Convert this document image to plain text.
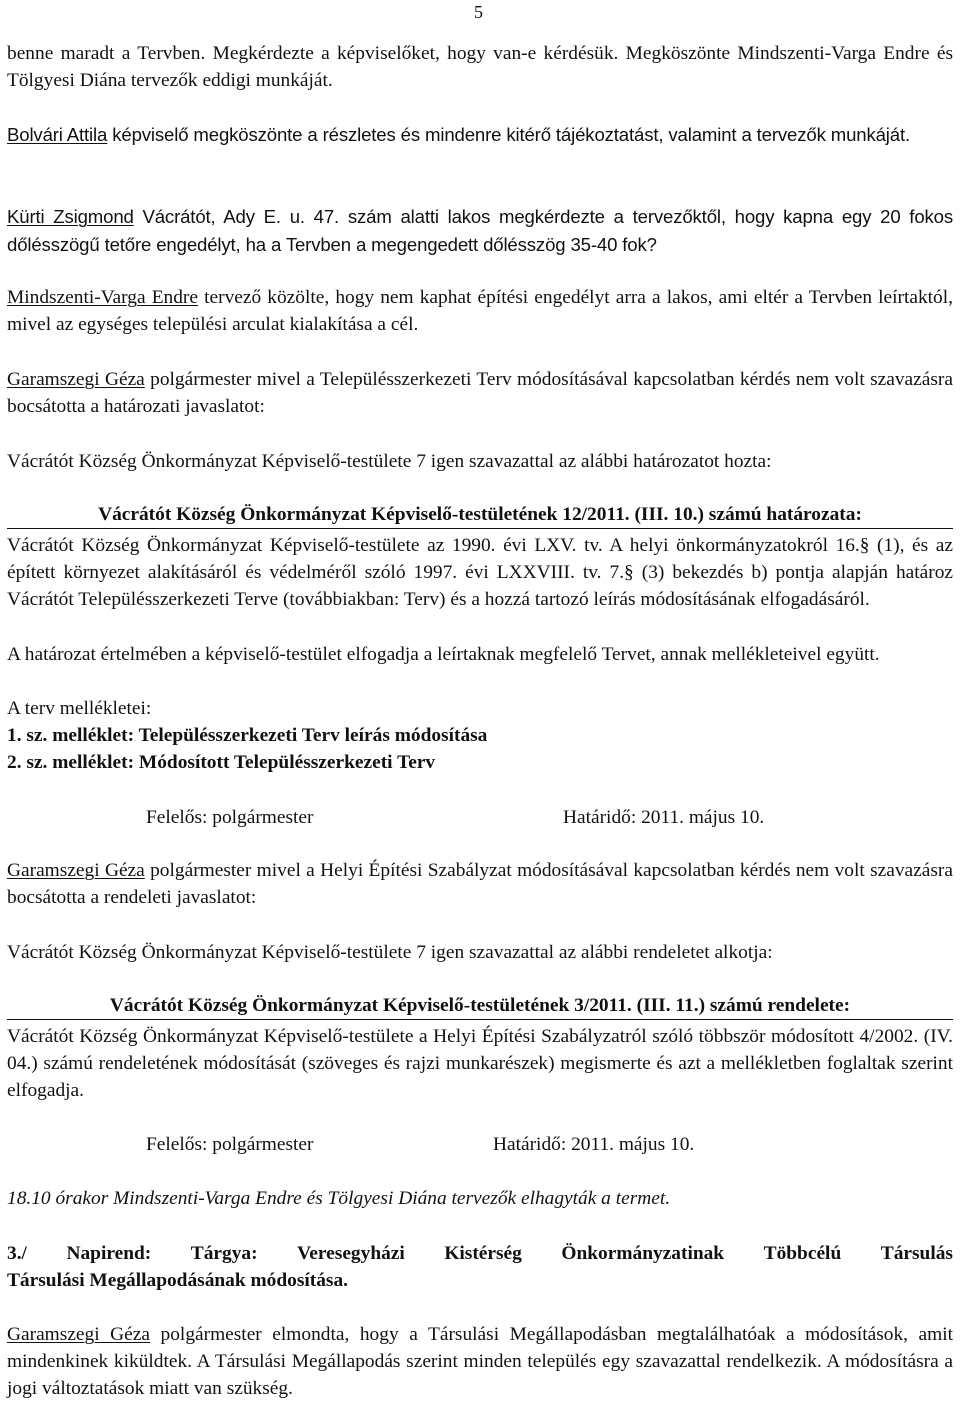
5

benne maradt a Tervben. Megkérdezte a képviselőket, hogy van-e kérdésük. Megköszönte Mindszenti-Varga Endre és Tölgyesi Diána tervezők eddigi munkáját.

Bolvári Attila képviselő megköszönte a részletes és mindenre kitérő tájékoztatást, valamint a tervezők munkáját.

Kürti Zsigmond Vácrátót, Ady E. u. 47. szám alatti lakos megkérdezte a tervezőktől, hogy kapna egy 20 fokos dőlésszögű tetőre engedélyt, ha a Tervben a megengedett dőlésszög 35-40 fok?

Mindszenti-Varga Endre tervező közölte, hogy nem kaphat építési engedélyt arra a lakos, ami eltér a Tervben leírtaktól, mivel az egységes települési arculat kialakítása a cél.

Garamszegi Géza polgármester mivel a Településszerkezeti Terv módosításával kapcsolatban kérdés nem volt szavazásra bocsátotta a határozati javaslatot:

Vácrátót Község Önkormányzat Képviselő-testülete 7 igen szavazattal az alábbi határozatot hozta:

Vácrátót Község Önkormányzat Képviselő-testületének 12/2011. (III. 10.) számú határozata:

Vácrátót Község Önkormányzat Képviselő-testülete az 1990. évi LXV. tv. A helyi önkormányzatokról 16.§ (1), és az épített környezet alakításáról és védelméről szóló 1997. évi LXXVIII. tv. 7.§ (3) bekezdés b) pontja alapján határoz Vácrátót Településszerkezeti Terve (továbbiakban: Terv) és a hozzá tartozó leírás módosításának elfogadásáról.

A határozat értelmében a képviselő-testület elfogadja a leírtaknak megfelelő Tervet, annak mellékleteivel együtt.

A terv mellékletei:

1. sz. melléklet: Településszerkezeti Terv leírás módosítása

2. sz. melléklet: Módosított Településszerkezeti Terv

Felelős: polgármester	Határidő: 2011. május 10.

Garamszegi Géza polgármester mivel a Helyi Építési Szabályzat módosításával kapcsolatban kérdés nem volt szavazásra bocsátotta a rendeleti javaslatot:

Vácrátót Község Önkormányzat Képviselő-testülete 7 igen szavazattal az alábbi rendeletet alkotja:

Vácrátót Község Önkormányzat Képviselő-testületének 3/2011. (III. 11.) számú rendelete:

Vácrátót Község Önkormányzat Képviselő-testülete a Helyi Építési Szabályzatról szóló többször módosított 4/2002. (IV. 04.) számú rendeletének módosítását (szöveges és rajzi munkarészek) megismerte és azt a mellékletben foglaltak szerint elfogadja.

Felelős: polgármester	Határidő: 2011. május 10.

18.10 órakor Mindszenti-Varga Endre és Tölgyesi Diána tervezők elhagyták a termet.

3./ Napirend: Tárgya: Veresegyházi Kistérség Önkormányzatinak Többcélú Társulás

Társulási Megállapodásának módosítása.

Garamszegi Géza polgármester elmondta, hogy a Társulási Megállapodásban megtalálhatóak a módosítások, amit mindenkinek kiküldtek. A Társulási Megállapodás szerint minden település egy szavazattal rendelkezik. A módosításra a jogi változtatások miatt van szükség.
